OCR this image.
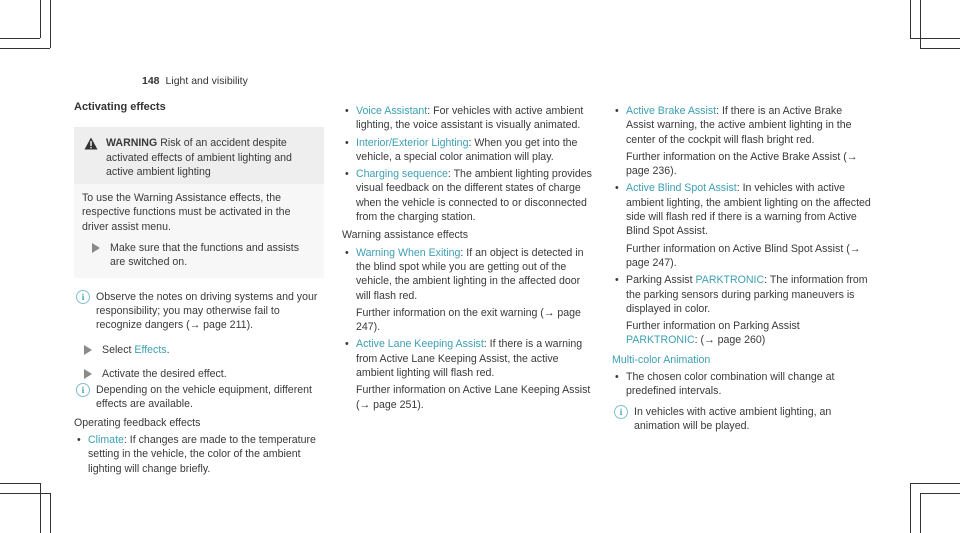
148 Light and visibility
Activating effects
WARNING Risk of an accident despite activated effects of ambient lighting and active ambient lighting
To use the Warning Assistance effects, the respective functions must be activated in the driver assist menu.
Make sure that the functions and assists are switched on.
i	Observe the notes on driving systems and your responsibility; you may otherwise fail to recognize dangers (→ page 211).
Select Effects.
Activate the desired effect.
i	Depending on the vehicle equipment, different effects are available.
Operating feedback effects
• Climate: If changes are made to the temperature setting in the vehicle, the color of the ambient lighting will change briefly.
• Voice Assistant: For vehicles with active ambient lighting, the voice assistant is visually animated.
• Interior/Exterior Lighting: When you get into the vehicle, a special color animation will play.
• Charging sequence: The ambient lighting provides visual feedback on the different states of charge when the vehicle is connected to or disconnected from the charging station.
Warning assistance effects
• Warning When Exiting: If an object is detected in the blind spot while you are getting out of the vehicle, the ambient lighting in the affected door will flash red.
Further information on the exit warning (→ page 247).
• Active Lane Keeping Assist: If there is a warning from Active Lane Keeping Assist, the active ambient lighting will flash red.
Further information on Active Lane Keeping Assist (→ page 251).
• Active Brake Assist: If there is an Active Brake Assist warning, the active ambient lighting in the center of the cockpit will flash bright red.
Further information on the Active Brake Assist (→ page 236).
• Active Blind Spot Assist: In vehicles with active ambient lighting, the ambient lighting on the affected side will flash red if there is a warning from Active Blind Spot Assist.
Further information on Active Blind Spot Assist (→ page 247).
• Parking Assist PARKTRONIC: The information from the parking sensors during parking maneuvers is displayed in color.
Further information on Parking Assist PARKTRONIC: (→ page 260)
Multi-color Animation
• The chosen color combination will change at predefined intervals.
i	In vehicles with active ambient lighting, an animation will be played.
